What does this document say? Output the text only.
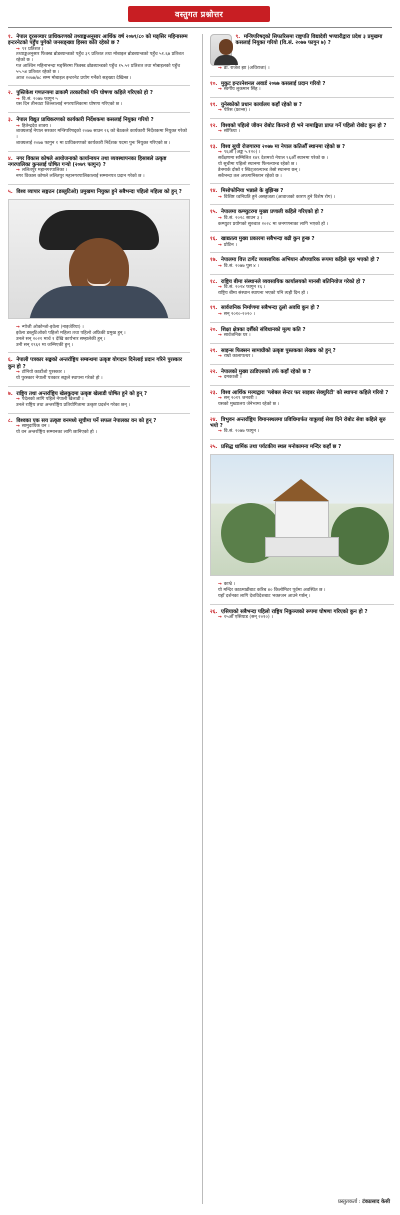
वस्तुगत प्रश्नोत्तर
१. नेपाल दूरसञ्चार प्राधिकरणको तथ्याङ्कअनुसार आर्थिक वर्ष २०७९/८० को मङ्सिर महिनासम्म इन्टरनेटको पहुँच पुगेको जनसङ्ख्या हिस्सा कति रहेको छ ?
→ ९१ प्रतिशत ।
तथ्याङ्कअनुसार फिक्स्ड ब्रोडब्यान्डको पहुँच ३९ प्रतिशत तथा मोबाइल ब्रोडब्यान्डको पहुँच ५१.६७ प्रतिशत रहेको छ ।
गत आश्विन महिनाभन्दा मङ्सिरमा फिक्स्ड ब्रोडब्यान्डको पहुँच १५.५२ प्रतिशत तथा मोबाइलको पहुँच ५५.५४ प्रतिशत रहेको छ ।
आज २०७७/७८ सम्म मोबाइल इन्टरनेट प्रयोग गर्नेको सङ्ख्या देखिन्छ ।
२. पुस्तिकेश गणतन्त्रमा ढाकामै तरकारीको पनि घोषणा कहिले गरिएको हो ?
→ वि.सं. २०७७ फागुन ५
यस दिन तीनवटा जिल्लालाई नगरपालिकामा घोषणा गरिएको छ ।
३. नेपाल विद्युत प्राधिकरणको कार्यकारी निर्देशकमा कसलाई नियुक्त गरियो ?
→ हितेन्द्रदेव शाक्य ।
शाक्यलाई नेपाल सरकार मन्त्रिपरिषद्को २०७७ साउन २६ को बैठकले कार्यकारी निर्देशकमा नियुक्त गरेको ।
शाक्यलाई २०७७ फागुन १ मा प्राधिकरणको कार्यकारी निर्देशक पदमा पुनः नियुक्त गरिएको छ ।
४. नगर विकास कोषले आयोजनाको कार्यान्वयन तथा व्यवस्थापनका हिसाबले उत्कृष्ट नगरपालिका कुनलाई घोषित गर्‍यो (२०७९ फागुन) ?
→ ललितपुर महानगरपालिका ।
नगर विकास कोषले ललितपुर महानगरपालिकालाई सम्मानपत्र प्रदान गरेको छ ।
५. विश्व व्यापार सङ्गठन (डब्लुटिओ) प्रमुखमा नियुक्त हुने सबैभन्दा पहिलो महिला को हुन् ?
→ न्गोजी ओकोन्जो-इवेला (नाइजेरिया) ।
इवेला डब्लुटिओको पहिलो महिला तथा पहिलो अफ्रिकी प्रमुख हुन् ।
उनले सन् २०२१ मार्च १ देखि कार्यभार सम्हालेकी हुन् ।
उनी सन् १९६२ मा जन्मिएकी हुन् ।
६. नेपाली पत्रकार सङ्घको अन्तर्राष्ट्रिय सम्बन्धमा उत्कृष्ट योगदान दिनेलाई प्रदान गरिने पुरस्कार कुन हो ?
→ टोनियो कार्डोजो पुरस्कार ।
यो पुरस्कार नेपाली पत्रकार सङ्घले स्थापना गरेको हो ।
७. राष्ट्रिय तथा अन्तर्राष्ट्रिय खेलकुदमा उत्कृष्ट खेलाडी घोषित हुने को हुन् ?
→ पैदेलको लागि पहिले नेपाली खेलाडी ।
उनले राष्ट्रिय तथा अन्तर्राष्ट्रिय प्रतियोगितामा उत्कृष्ट प्रदर्शन गरेका छन् ।
८. विश्वका एक सय उत्कृष्ट वनमध्ये सूचीमा पर्ने सफल नेपालका वन को हुन् ?
→ सामुदायिक वन ।
यो वन अन्तर्राष्ट्रिय सम्मानका लागि छानिएको हो ।
९. मन्त्रिपरिषद्को सिफारिसमा राष्ट्रपति विद्यादेवी भण्डारीद्वारा प्रदेश ३ प्रमुखमा कसलाई नियुक्त गरियो (वि.सं. २०७७ फागुन ७) ?
→ डा. राजेश झा (अधिराजा) ।
१०. मुकुट इन्टरनेशनल अवार्ड २०७७ कसलाई प्रदान गरियो ?
→ स्वर्गीय लुकमान सिंह ।
११. युनेस्कोको प्रधान कार्यालय कहाँ रहेको छ ?
→ पेरिस (फ्रान्स) ।
१२. विश्वको पहिलो जीवन रोबोट किरानो ही भने नामाङ्किता प्राप्त गर्ने पहिलो रोबोट कुन हो ?
→ सोफिया ।
१३. विश्व सूची रोजगारमा २०७७ मा नेपाल कतिऔँ स्थानमा रहेको छ ?
→ ९६औँ (अङ्क ५.१२०) ।
सर्वेक्षणमा सम्मिलित १४९ देशमध्ये नेपाल ९६औँ स्थानमा परेको छ ।
यो सूचीमा पहिलो स्थानमा फिनल्यान्ड रहेको छ ।
डेनमार्क दोस्रो र स्विट्जरल्यान्ड तेस्रो स्थानमा छन् ।
सबैभन्दा तल अफगानिस्तान रहेको छ ।
१४. मिसोफोनिया भन्नाले के बुझिन्छ ?
→ विशिष्ट ध्वनिप्रति हुने असहजता (आवाजको कारण हुने विशेष रोग) ।
१५. नेपालमा कम्प्युटरमा मुख्य प्रणाली कहिले गरिएको हो ?
→ वि.सं. २०२८ साउन ३ ।
कम्प्युटर प्रयोगको सुरुवात २०२८ मा जनगणनाका लागि भएको हो ।
१६. खाद्यतत्व मुख्य प्रकारमा सबैभन्दा बढी कुन हुन्छ ?
→ प्रोटिन ।
१७. नेपालमा वित्त टार्गेट व्यवसायिक अभियान औपचारिक रूपमा कहिले सुरु भएको हो ?
→ वि.सं. २०७७ पुस ४ ।
१८. राष्ट्रिय बीमा संस्थानले व्यवसायिक कार्यालयको मानसी बतिनियोज गरेको हो ?
→ वि.सं. २०२४ फागुन १६ ।
राष्ट्रिय बीमा संस्थान स्थापना भएको पनि त्यही दिन हो ।
१९. सार्वजनिक निर्माणमा सबैभन्दा ठूलो अवधि कुन हो ?
→ सन् २०१०-२०२० ।
२०. शिक्षा क्षेत्रका दशैँको संविधानको मूल्य कति ?
→ सार्वजनिक घर ।
२१. साइन्स फिक्सन सामाग्रीको उत्कृष्ट पुस्तकका लेखक को हुन् ?
→ राम्रो कालापत्थर ।
२२. नेपालको मुख्य ठाडिएसको तर्फ कहाँ रहेको छ ?
→ दमकाजी ।
२३. विश्व आर्थिक मञ्चद्वारा 'ग्लोबल सेन्टर फर साइबर सेक्युरिटी' को स्थापना कहिले गरियो ?
→ सन् २०१९ जनवरी ।
यसको मुख्यालय जेनेभामा रहेको छ ।
२४. त्रिभुवन अन्तर्राष्ट्रिय विमानस्थलमा प्रविधिमार्फत यात्रुलाई सेवा दिने रोबोट सेवा कहिले सुरु भयो ?
→ वि.सं. २०७७ फागुन ।
२५. प्रसिद्ध धार्मिक तथा पर्यटकीय स्थल मनोकामना मन्दिर कहाँ छ ?
→ काभ्रे ।
यो मन्दिर काठमाडौंबाट करिब ४० किलोमिटर पूर्वमा अवस्थित छ ।
यहाँ दर्शनका लागि देशविदेशबाट भक्तजन आउने गर्छन् ।
२६. एसियाको सबैभन्दा पहिलो राष्ट्रिय निकुञ्जको रूपमा घोषणा गरिएको कुन हो ?
→ १५औँ एसियाड (सन् २०१०) ।
प्रस्तुतकर्ता : टंकप्रसाद केसी
